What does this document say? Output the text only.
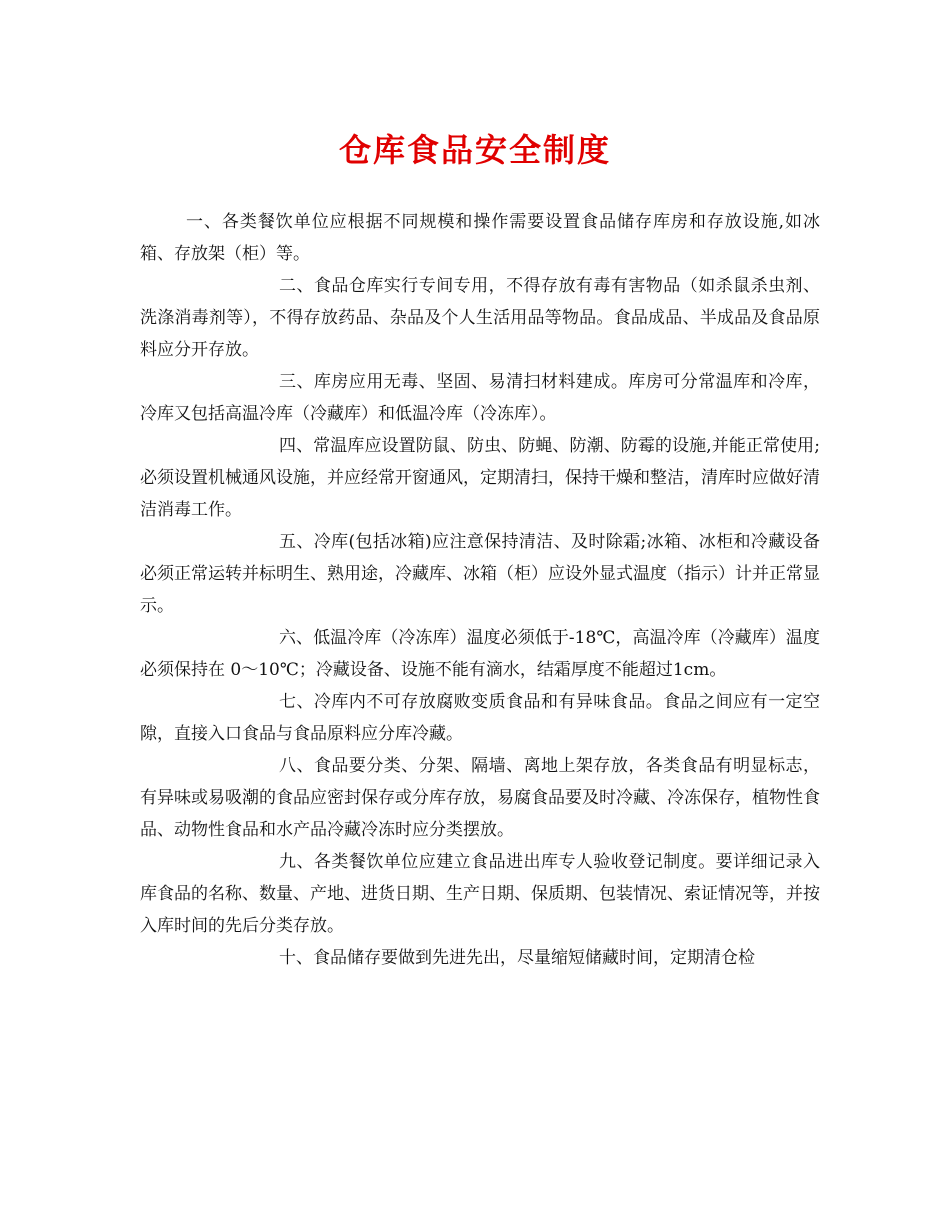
仓库食品安全制度

一、各类餐饮单位应根据不同规模和操作需要设置食品储存库房和存放设施,如冰箱、存放架（柜）等。

二、食品仓库实行专间专用，不得存放有毒有害物品（如杀鼠杀虫剂、洗涤消毒剂等），不得存放药品、杂品及个人生活用品等物品。食品成品、半成品及食品原料应分开存放。

三、库房应用无毒、坚固、易清扫材料建成。库房可分常温库和冷库，冷库又包括高温冷库（冷藏库）和低温冷库（冷冻库）。

四、常温库应设置防鼠、防虫、防蝇、防潮、防霉的设施,并能正常使用; 必须设置机械通风设施，并应经常开窗通风，定期清扫，保持干燥和整洁，清库时应做好清洁消毒工作。

五、冷库(包括冰箱)应注意保持清洁、及时除霜;冰箱、冰柜和冷藏设备必须正常运转并标明生、熟用途，冷藏库、冰箱（柜）应设外显式温度（指示）计并正常显示。

六、低温冷库（冷冻库）温度必须低于-18℃，高温冷库（冷藏库）温度必须保持在 0～10℃；冷藏设备、设施不能有滴水，结霜厚度不能超过1cm。

七、冷库内不可存放腐败变质食品和有异味食品。食品之间应有一定空隙，直接入口食品与食品原料应分库冷藏。

八、食品要分类、分架、隔墙、离地上架存放，各类食品有明显标志，有异味或易吸潮的食品应密封保存或分库存放，易腐食品要及时冷藏、冷冻保存，植物性食品、动物性食品和水产品冷藏冷冻时应分类摆放。

九、各类餐饮单位应建立食品进出库专人验收登记制度。要详细记录入库食品的名称、数量、产地、进货日期、生产日期、保质期、包装情况、索证情况等，并按入库时间的先后分类存放。

十、食品储存要做到先进先出，尽量缩短储藏时间，定期清仓检
